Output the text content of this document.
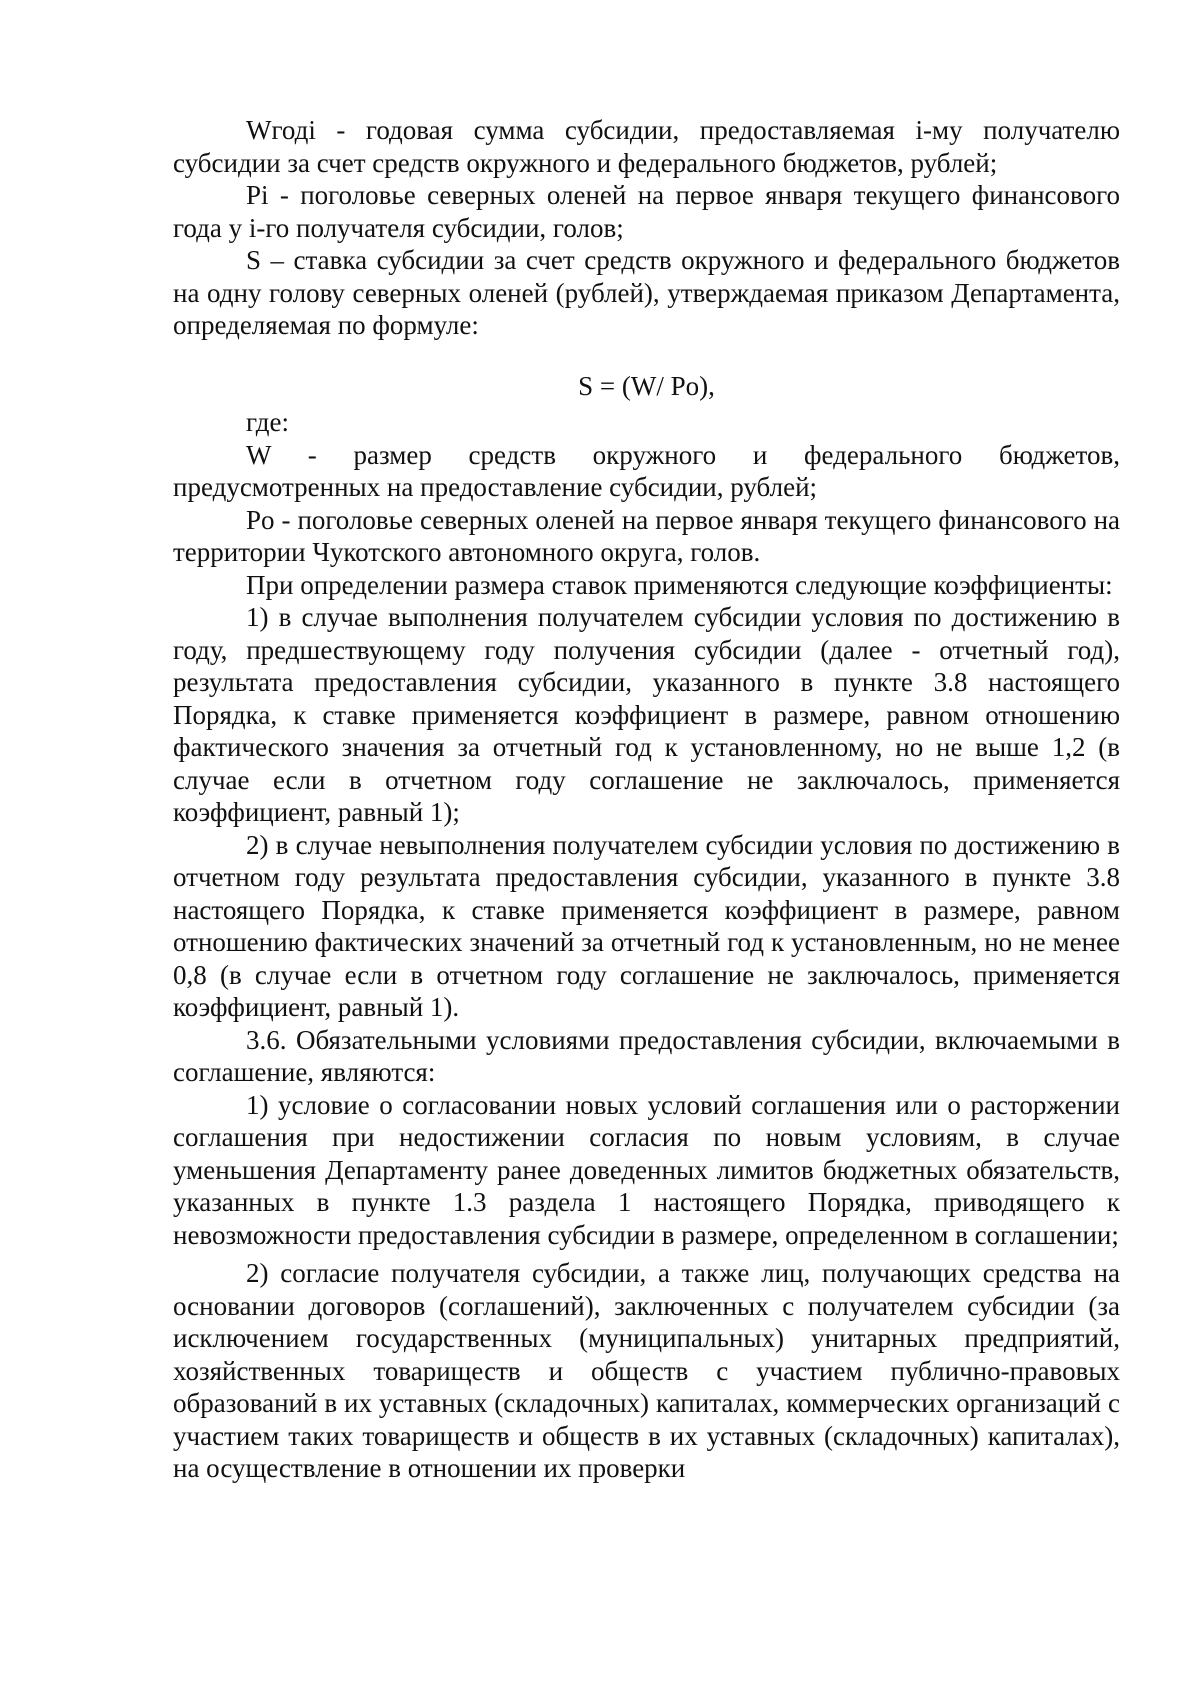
Wгодi - годовая сумма субсидии, предоставляемая i-му получателю субсидии за счет средств окружного и федерального бюджетов, рублей;

Pi - поголовье северных оленей на первое января текущего финансового года у i-го получателя субсидии, голов;

S – ставка субсидии за счет средств окружного и федерального бюджетов на одну голову северных оленей (рублей), утверждаемая приказом Департамента, определяемая по формуле:

S = (W/ Pо),

где:

W - размер средств окружного и федерального бюджетов, предусмотренных на предоставление субсидии, рублей;

Pо - поголовье северных оленей на первое января текущего финансового на территории Чукотского автономного округа, голов.

При определении размера ставок применяются следующие коэффициенты:

1) в случае выполнения получателем субсидии условия по достижению в году, предшествующему году получения субсидии (далее - отчетный год), результата предоставления субсидии, указанного в пункте 3.8 настоящего Порядка, к ставке применяется коэффициент в размере, равном отношению фактического значения за отчетный год к установленному, но не выше 1,2 (в случае если в отчетном году соглашение не заключалось, применяется коэффициент, равный 1);

2) в случае невыполнения получателем субсидии условия по достижению в отчетном году результата предоставления субсидии, указанного в пункте 3.8 настоящего Порядка, к ставке применяется коэффициент в размере, равном отношению фактических значений за отчетный год к установленным, но не менее 0,8 (в случае если в отчетном году соглашение не заключалось, применяется коэффициент, равный 1).

3.6. Обязательными условиями предоставления субсидии, включаемыми в соглашение, являются:

1) условие о согласовании новых условий соглашения или о расторжении соглашения при недостижении согласия по новым условиям, в случае уменьшения Департаменту ранее доведенных лимитов бюджетных обязательств, указанных в пункте 1.3 раздела 1 настоящего Порядка, приводящего к невозможности предоставления субсидии в размере, определенном в соглашении;

2) согласие получателя субсидии, а также лиц, получающих средства на основании договоров (соглашений), заключенных с получателем субсидии (за исключением государственных (муниципальных) унитарных предприятий, хозяйственных товариществ и обществ с участием публично-правовых образований в их уставных (складочных) капиталах, коммерческих организаций с участием таких товариществ и обществ в их уставных (складочных) капиталах), на осуществление в отношении их проверки
